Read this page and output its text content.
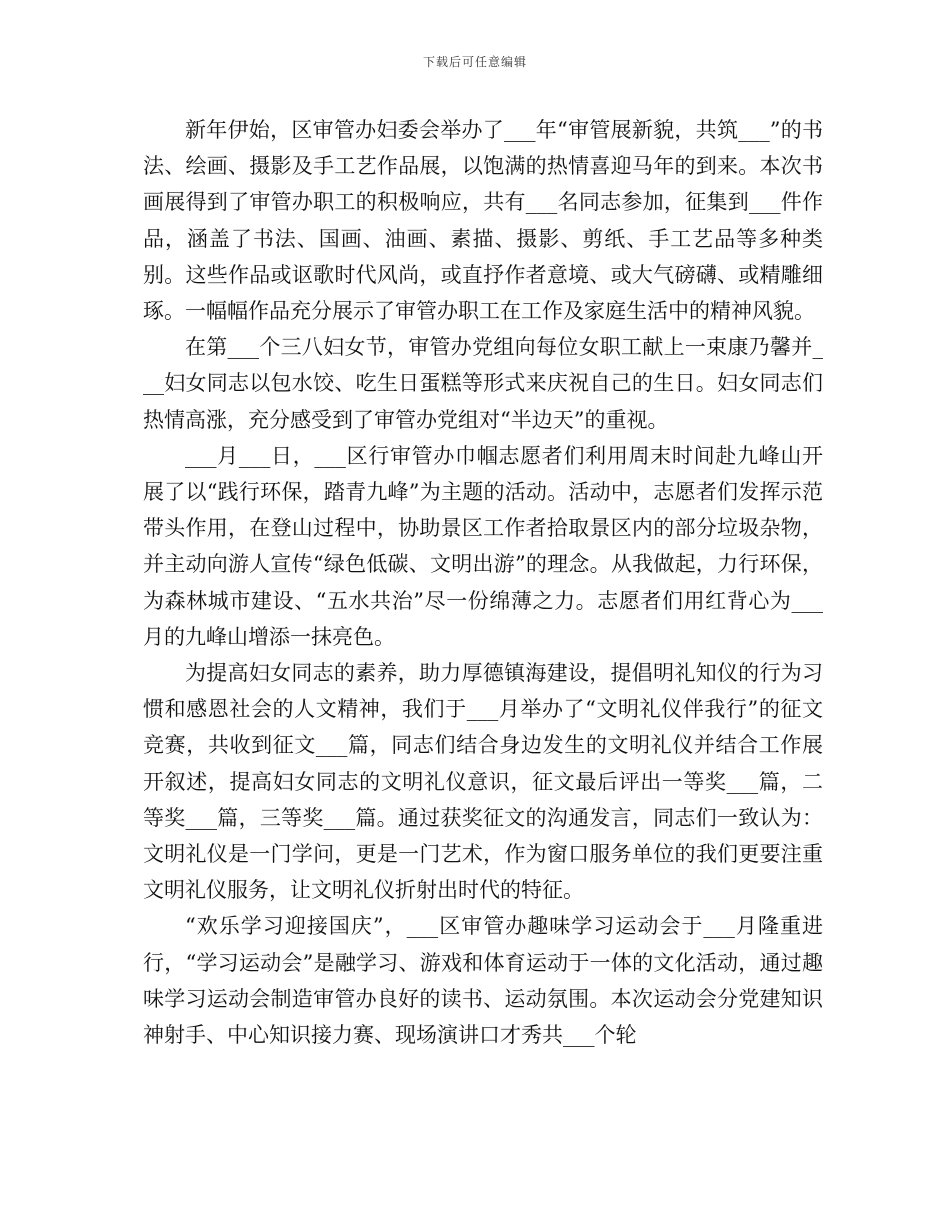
下载后可任意编辑

新年伊始，区审管办妇委会举办了___年“审管展新貌，共筑___”的书法、绘画、摄影及手工艺作品展，以饱满的热情喜迎马年的到来。本次书画展得到了审管办职工的积极响应，共有___名同志参加，征集到___件作品，涵盖了书法、国画、油画、素描、摄影、剪纸、手工艺品等多种类别。这些作品或讴歌时代风尚，或直抒作者意境、或大气磅礴、或精雕细琢。一幅幅作品充分展示了审管办职工在工作及家庭生活中的精神风貌。

在第___个三八妇女节，审管办党组向每位女职工献上一束康乃馨并___妇女同志以包水饺、吃生日蛋糕等形式来庆祝自己的生日。妇女同志们热情高涨，充分感受到了审管办党组对“半边天”的重视。

___月___日，___区行审管办巾帼志愿者们利用周末时间赴九峰山开展了以“践行环保，踏青九峰”为主题的活动。活动中，志愿者们发挥示范带头作用，在登山过程中，协助景区工作者拾取景区内的部分垃圾杂物，并主动向游人宣传“绿色低碳、文明出游”的理念。从我做起，力行环保，为森林城市建设、“五水共治”尽一份绵薄之力。志愿者们用红背心为___月的九峰山增添一抹亮色。

为提高妇女同志的素养，助力厚德镇海建设，提倡明礼知仪的行为习惯和感恩社会的人文精神，我们于___月举办了“文明礼仪伴我行”的征文竞赛，共收到征文___篇，同志们结合身边发生的文明礼仪并结合工作展开叙述，提高妇女同志的文明礼仪意识，征文最后评出一等奖___篇，二等奖___篇，三等奖___篇。通过获奖征文的沟通发言，同志们一致认为：文明礼仪是一门学问，更是一门艺术，作为窗口服务单位的我们更要注重文明礼仪服务，让文明礼仪折射出时代的特征。

“欢乐学习迎接国庆”，___区审管办趣味学习运动会于___月隆重进行，“学习运动会”是融学习、游戏和体育运动于一体的文化活动，通过趣味学习运动会制造审管办良好的读书、运动氛围。本次运动会分党建知识神射手、中心知识接力赛、现场演讲口才秀共___个轮
